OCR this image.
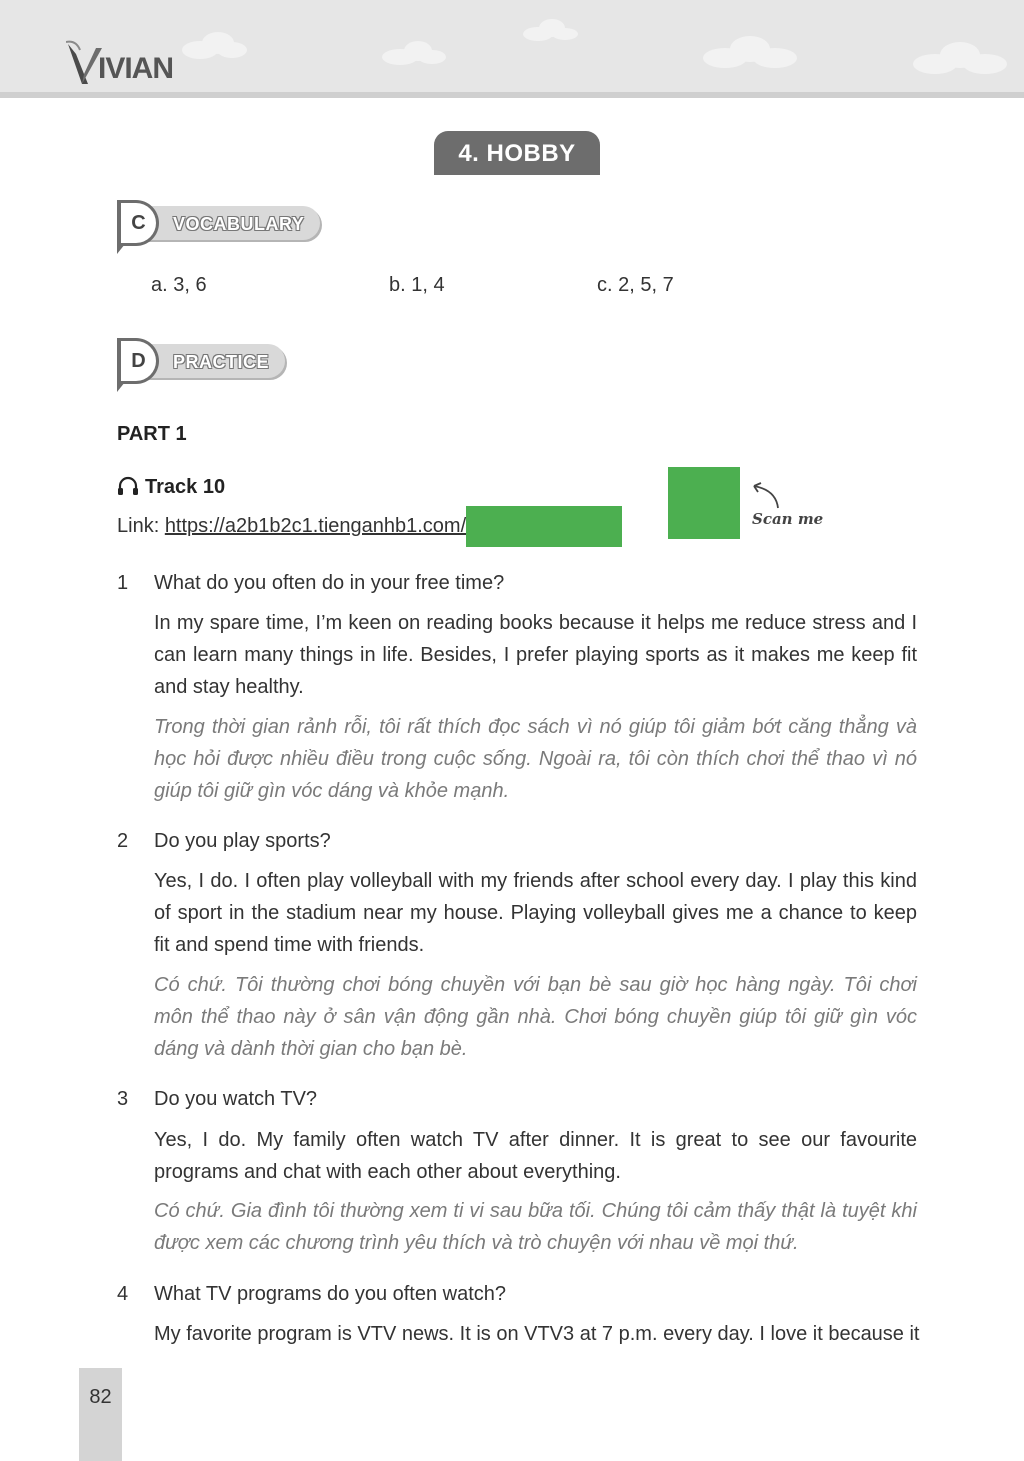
IVIAN
4. HOBBY
VOCABULARY
C
a. 3, 6	b. 1, 4	c. 2, 5, 7
PRACTICE
D
PART 1
Track 10
Link: https://a2b1b2c1.tienganhb1.com/	Scan me
1 What do you often do in your free time?
In my spare time, I’m keen on reading books because it helps me reduce stress and I can learn many things in life. Besides, I prefer playing sports as it makes me keep fit and stay healthy.
Trong thời gian rảnh rỗi, tôi rất thích đọc sách vì nó giúp tôi giảm bớt căng thẳng và học hỏi được nhiều điều trong cuộc sống. Ngoài ra, tôi còn thích chơi thể thao vì nó giúp tôi giữ gìn vóc dáng và khỏe mạnh.
2 Do you play sports?
Yes, I do. I often play volleyball with my friends after school every day. I play this kind of sport in the stadium near my house. Playing volleyball gives me a chance to keep fit and spend time with friends.
Có chứ. Tôi thường chơi bóng chuyền với bạn bè sau giờ học hàng ngày. Tôi chơi môn thể thao này ở sân vận động gần nhà. Chơi bóng chuyền giúp tôi giữ gìn vóc dáng và dành thời gian cho bạn bè.
3 Do you watch TV?
Yes, I do. My family often watch TV after dinner. It is great to see our favourite programs and chat with each other about everything.
Có chứ. Gia đình tôi thường xem ti vi sau bữa tối. Chúng tôi cảm thấy thật là tuyệt khi được xem các chương trình yêu thích và trò chuyện với nhau về mọi thứ.
4 What TV programs do you often watch?
My favorite program is VTV news. It is on VTV3 at 7 p.m. every day. I love it because it
82
